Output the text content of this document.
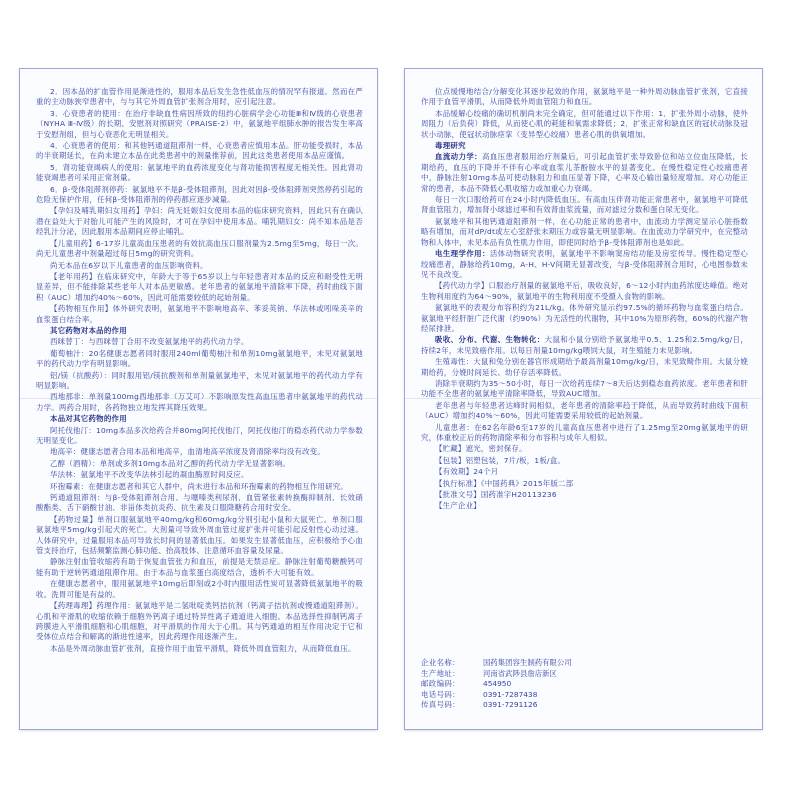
2．因本品的扩血管作用是渐进性的，服用本品后发生急性低血压的情况罕有报道。然而在严重的主动脉狭窄患者中，与与其它外周血管扩张剂合用时，应引起注意。
3．心衰患者的使用：在治疗非缺血性病因所致的纽约心脏病学会心功能Ⅲ和Ⅳ级的心衰患者（NYHA Ⅲ-Ⅳ级）的长期、安慰剂对照研究（PRAISE-2）中，氨氯地平组肺水肿的报告发生率高于安慰剂组，但与心衰恶化无明显相关。
4．心衰患者的使用：和其他钙通道阻滞剂一样，心衰患者应慎用本品。肝功能受损时，本品的半衰期延长，在尚未建立本品在此类患者中的剂量推荐前，因此这类患者使用本品应谨慎。
5．肾功能衰竭病人的使用：氨氯地平的血药浓度变化与肾功能损害程度无相关性。因此肾功能衰竭患者可采用正常剂量。
6．β-受体阻滞剂停药：氨氯地平不是β-受体阻滞剂，因此对因β-受体阻滞剂突然停药引起的危险无保护作用，任何β-受体阻滞剂的停药都应逐步减量。
【孕妇及哺乳期妇女用药】孕妇：尚无妊娠妇女使用本品的临床研究资料，因此只有在确认潜在益处大于对胎儿可能产生的风险时，才可在孕妇中使用本品。哺乳期妇女：尚不知本品是否经乳汁分泌，因此服用本品期间应停止哺乳。
【儿童用药】6-17岁儿童高血压患者的有效抗高血压口服剂量为2.5mg至5mg，每日一次。尚无儿童患者中剂量超过每日5mg的研究资料。
尚无本品在6岁以下儿童患者的血压影响资料。
【老年用药】在临床研究中，年龄大于等于65岁以上与年轻患者对本品的反应和耐受性无明显差异，但不能排除某些老年人对本品更敏感。老年患者的氨氯地平清除率下降，药时曲线下面积（AUC）增加约40%～60%，因此可能需要较低的起始剂量。
【药物相互作用】体外研究表明，氨氯地平不影响地高辛、苯妥英钠、华法林或吲哚美辛的血浆蛋白结合率。
其它药物对本品的作用
西咪替丁：与西咪替丁合用不改变氨氯地平的药代动力学。
葡萄柚汁：20名健康志愿者同时服用240ml葡萄柚汁和单剂10mg氨氯地平，未见对氨氯地平的药代动力学有明显影响。
铝/镁（抗酸药）：同时服用铝/镁抗酸剂和单剂量氨氯地平，未见对氨氯地平的药代动力学有明显影响。
西地那非：单剂量100mg西地那非（万艾可）不影响原发性高血压患者中氨氯地平的药代动力学。两药合用时，各药物独立地发挥其降压效果。
本品对其它药物的作用
阿托伐他汀：10mg本品多次给药合并80mg阿托伐他汀，阿托伐他汀的稳态药代动力学参数无明显变化。
地高辛：健康志愿者合用本品和地高辛，血清地高辛浓度及肾清除率均没有改变。
乙醇（酒精）：单剂或多剂10mg本品对乙醇的药代动力学无显著影响。
华法林：氨氯地平不改变华法林引起的凝血酶原时间反应。
环孢霉素：在健康志愿者和其它人群中，尚未进行本品和环孢霉素的药物相互作用研究。
钙通道阻滞剂：与β-受体阻滞剂合用、与噻嗪类利尿剂、血管紧张素转换酶抑制剂、长效硝酸酯类、舌下硝酸甘油、非甾体类抗炎药、抗生素及口服降糖药合用时安全。
【药物过量】单剂口服氨氯地平40mg/kg和60mg/kg分别引起小鼠和大鼠死亡。单剂口服氨氯地平5mg/kg引起犬的死亡。大剂量可导致外周血管过度扩张并可能引起反射性心动过速。人体研究中，过量服用本品可导致长时间的显著低血压。如果发生显著低血压，应积极给予心血管支持治疗，包括频繁监测心肺功能、抬高肢体、注意循环血容量及尿量。
静脉注射血管收缩药有助于恢复血管张力和血压，前提是无禁忌症。静脉注射葡萄糖酸钙可能有助于逆转钙通道阻滞作用。由于本品与血浆蛋白高度结合，透析不大可能有效。
在健康志愿者中，服用氨氯地平10mg后即刻或2小时内服用活性炭可显著降低氨氯地平的吸收。洗胃可能是有益的。
【药理毒理】药理作用：氨氯地平是二氢吡啶类钙拮抗剂（钙离子拮抗剂或慢通道阻滞剂）。心肌和平滑肌的收缩依赖于细胞外钙离子通过特异性离子通道进入细胞。本品选择性抑制钙离子跨膜进入平滑肌细胞和心肌细胞，对平滑肌的作用大于心肌。其与钙通道的相互作用决定于它和受体位点结合和解离的渐进性速率，因此药理作用逐渐产生。
本品是外周动脉血管扩张剂，直接作用于血管平滑肌，降低外周血管阻力，从而降低血压。
位点缓慢地结合/分解变化其逐步起效的作用，氨氯地平是一种外周动脉血管扩张剂，它直接作用于血管平滑肌，从而降低外周血管阻力和血压。
本品缓解心绞痛的确切机制尚未完全确定，但可能通过以下作用：1．扩张外周小动脉，使外周阻力（后负荷）降低，从而使心肌的耗能和氧需求降低；2．扩张正常和缺血区的冠状动脉及冠状小动脉，使冠状动脉痉挛（变异型心绞痛）患者心肌的供氧增加。
毒理研究
血流动力学：高血压患者服用治疗剂量后，可引起血管扩张导致卧位和站立位血压降低，长期给药，血压的下降并不伴有心率或血浆儿茶酚胺水平的显著变化。在慢性稳定性心绞痛患者中，静脉注射10mg本品可使动脉阻力和血压显著下降，心率及心输出量轻度增加。对心功能正常的患者，本品不降低心肌收缩力或加重心力衰竭。
每日一次口服给药可在24小时内降低血压。有高血压伴肾功能正常患者中，氨氯地平可降低肾血管阻力，增加肾小球滤过率和有效肾血浆流量，而对滤过分数和蛋白尿无变化。
氨氯地平和其他钙通道阻滞剂一样，在心功能正常的患者中，血流动力学测定显示心脏指数略有增加，而对dP/dt或左心室舒张末期压力或容量无明显影响。在血流动力学研究中，在完整动物和人体中，未见本品有负性肌力作用，即使同时给予β-受体阻滞剂也是如此。
电生理学作用：活体动物研究表明，氨氯地平不影响窦房结功能及房室传导。慢性稳定型心绞痛患者，静脉给药10mg，A-H、H-V间期无显著改变，与β-受体阻滞剂合用时，心电图参数未见不良改变。
【药代动力学】口服治疗剂量的氨氯地平后，吸收良好，6～12小时内血药浓度达峰值。绝对生物利用度约为64～90%，氨氯地平的生物利用度不受摄入食物的影响。
氨氯地平的表观分布容积约为21L/kg。体外研究显示约97.5%的循环药物与血浆蛋白结合。氨氯地平经肝脏广泛代谢（约90%）为无活性的代谢物，其中10%为原形药物，60%的代谢产物经尿排泄。
吸收、分布、代谢、生物转化：大鼠和小鼠分别给予氨氯地平0.5、1.25和2.5mg/kg/日，持续2年，未见致癌作用。以每日剂量10mg/kg喂饲大鼠，对生殖能力未见影响。
生殖毒性：大鼠和兔分别在器官形成期给予最高剂量10mg/kg/日，未见致畸作用。大鼠分娩期给药，分娩时间延长、幼仔存活率降低。
消除半衰期约为35～50小时，每日一次给药连续7～8天后达到稳态血药浓度。老年患者和肝功能不全患者的氨氯地平清除率降低，导致AUC增加。
老年患者与年轻患者达峰时间相似，老年患者的清除率趋于降低，从而导致药时曲线下面积（AUC）增加约40%～60%，因此可能需要采用较低的起始剂量。
儿童患者：在62名年龄6至17岁的儿童高血压患者中进行了1.25mg至20mg氨氯地平的研究，体重校正后的药物清除率和分布容积与成年人相似。
【贮藏】遮光，密封保存。
【包装】铝塑包装，7片/板，1板/盒。
【有效期】24个月
【执行标准】《中国药典》2015年版二部
【批准文号】国药准字H20113236
【生产企业】
企业名称：	国药集团容生制药有限公司
生产地址：	河南省武陟县詹店新区
邮政编码：	454950
电话号码：	0391-7287438
传真号码：	0391-7291126
